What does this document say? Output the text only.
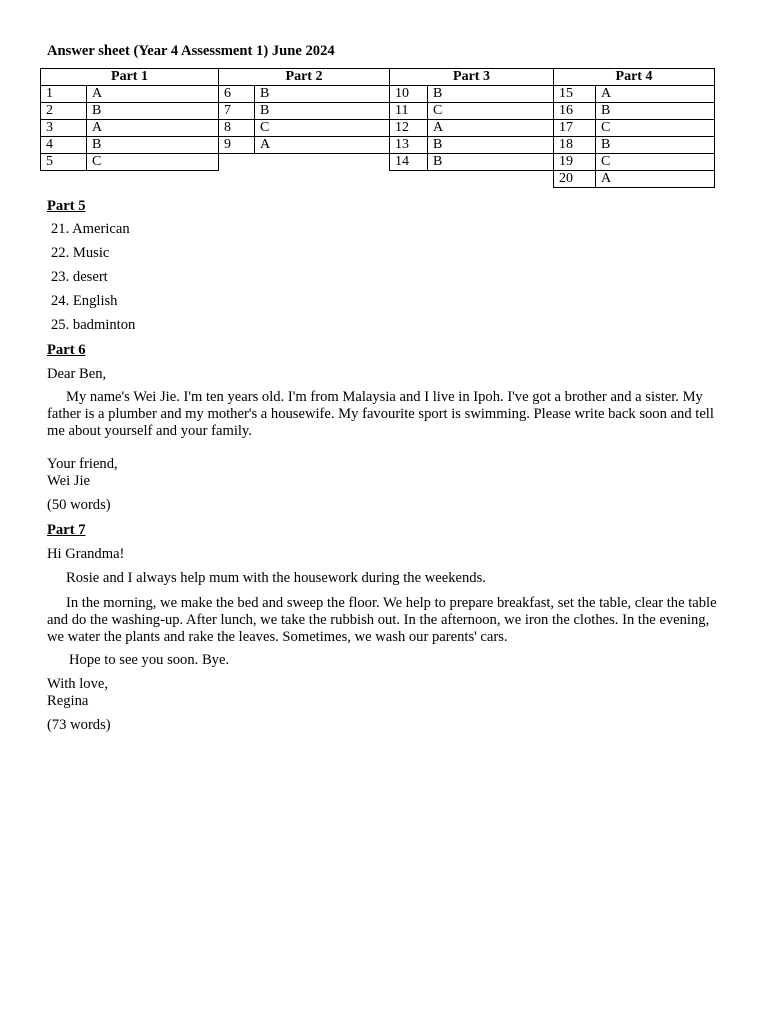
Answer sheet (Year 4 Assessment 1) June 2024
Part 1	
1	A
2	B
3	A
4	B
5	C
Part 2	
6	B
7	B
8	C
9	A
Part 3	
10	B
11	C
12	A
13	B
14	B
Part 4	
15	A
16	B
17	C
18	B
19	C
20	A
Part 5
21. American
22. Music
23. desert
24. English
25. badminton
Part 6
Dear Ben,
My name's Wei Jie. I'm ten years old. I'm from Malaysia and I live in Ipoh. I've got a brother and a sister. My father is a plumber and my mother's a housewife. My favourite sport is swimming. Please write back soon and tell me about yourself and your family.
Your friend,
Wei Jie
(50 words)
Part 7
Hi Grandma!
Rosie and I always help mum with the housework during the weekends.
In the morning, we make the bed and sweep the floor. We help to prepare breakfast, set the table, clear the table and do the washing-up. After lunch, we take the rubbish out. In the afternoon, we iron the clothes. In the evening, we water the plants and rake the leaves. Sometimes, we wash our parents' cars.
Hope to see you soon. Bye.
With love,
Regina
(73 words)
